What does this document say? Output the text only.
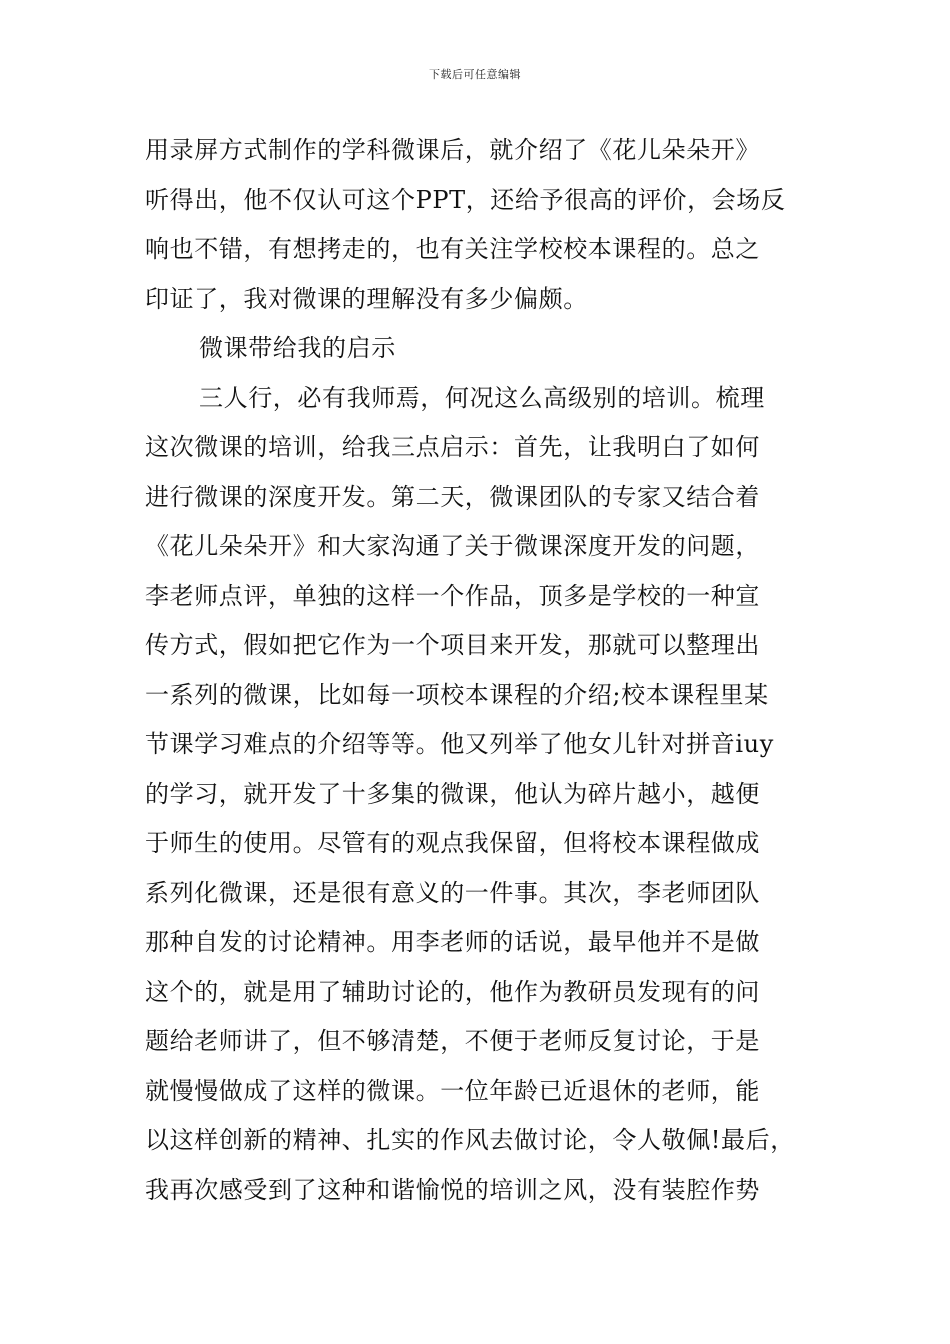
下载后可任意编辑
用录屏方式制作的学科微课后，就介绍了《花儿朵朵开》
听得出，他不仅认可这个PPT，还给予很高的评价，会场反
响也不错，有想拷走的，也有关注学校校本课程的。总之
印证了，我对微课的理解没有多少偏颇。
微课带给我的启示
三人行，必有我师焉，何况这么高级别的培训。梳理
这次微课的培训，给我三点启示：首先，让我明白了如何
进行微课的深度开发。第二天，微课团队的专家又结合着
《花儿朵朵开》和大家沟通了关于微课深度开发的问题，
李老师点评，单独的这样一个作品，顶多是学校的一种宣
传方式，假如把它作为一个项目来开发，那就可以整理出
一系列的微课，比如每一项校本课程的介绍;校本课程里某
节课学习难点的介绍等等。他又列举了他女儿针对拼音iuy
的学习，就开发了十多集的微课，他认为碎片越小，越便
于师生的使用。尽管有的观点我保留，但将校本课程做成
系列化微课，还是很有意义的一件事。其次，李老师团队
那种自发的讨论精神。用李老师的话说，最早他并不是做
这个的，就是用了辅助讨论的，他作为教研员发现有的问
题给老师讲了，但不够清楚，不便于老师反复讨论，于是
就慢慢做成了这样的微课。一位年龄已近退休的老师，能
以这样创新的精神、扎实的作风去做讨论，令人敬佩!最后，
我再次感受到了这种和谐愉悦的培训之风，没有装腔作势
